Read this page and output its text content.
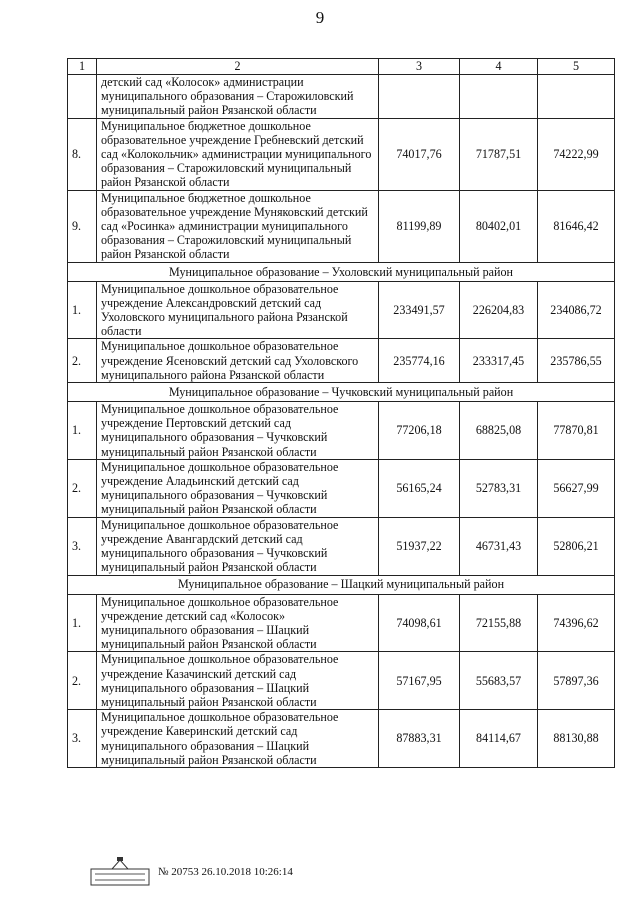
9
1	2	3	4	5
	детский сад «Колосок» администрации муниципального образования – Старожиловский муниципальный район Рязанской области			
8.	Муниципальное бюджетное дошкольное образовательное учреждение Гребневский детский сад «Колокольчик» администрации муниципального образования – Старожиловский муниципальный район Рязанской области	74017,76	71787,51	74222,99
9.	Муниципальное бюджетное дошкольное образовательное учреждение Муняковский детский сад «Росинка» администрации муниципального образования – Старожиловский муниципальный район Рязанской области	81199,89	80402,01	81646,42
Муниципальное образование – Ухоловский муниципальный район				
1.	Муниципальное дошкольное образовательное учреждение Александровский детский сад Ухоловского муниципального района Рязанской области	233491,57	226204,83	234086,72
2.	Муниципальное дошкольное образовательное учреждение Ясеновский детский сад Ухоловского муниципального района Рязанской области	235774,16	233317,45	235786,55
Муниципальное образование – Чучковский муниципальный район				
1.	Муниципальное дошкольное образовательное учреждение Пертовский детский сад муниципального образования – Чучковский муниципальный район Рязанской области	77206,18	68825,08	77870,81
2.	Муниципальное дошкольное образовательное учреждение Аладьинский детский сад муниципального образования – Чучковский муниципальный район Рязанской области	56165,24	52783,31	56627,99
3.	Муниципальное дошкольное образовательное учреждение Авангардский детский сад муниципального образования – Чучковский муниципальный район Рязанской области	51937,22	46731,43	52806,21
Муниципальное образование – Шацкий муниципальный район				
1.	Муниципальное дошкольное образовательное учреждение детский сад «Колосок» муниципального образования – Шацкий муниципальный район Рязанской области	74098,61	72155,88	74396,62
2.	Муниципальное дошкольное образовательное учреждение Казачинский детский сад муниципального образования – Шацкий муниципальный район Рязанской области	57167,95	55683,57	57897,36
3.	Муниципальное дошкольное образовательное учреждение Каверинский детский сад муниципального образования – Шацкий муниципальный район Рязанской области	87883,31	84114,67	88130,88
№ 20753 26.10.2018 10:26:14
